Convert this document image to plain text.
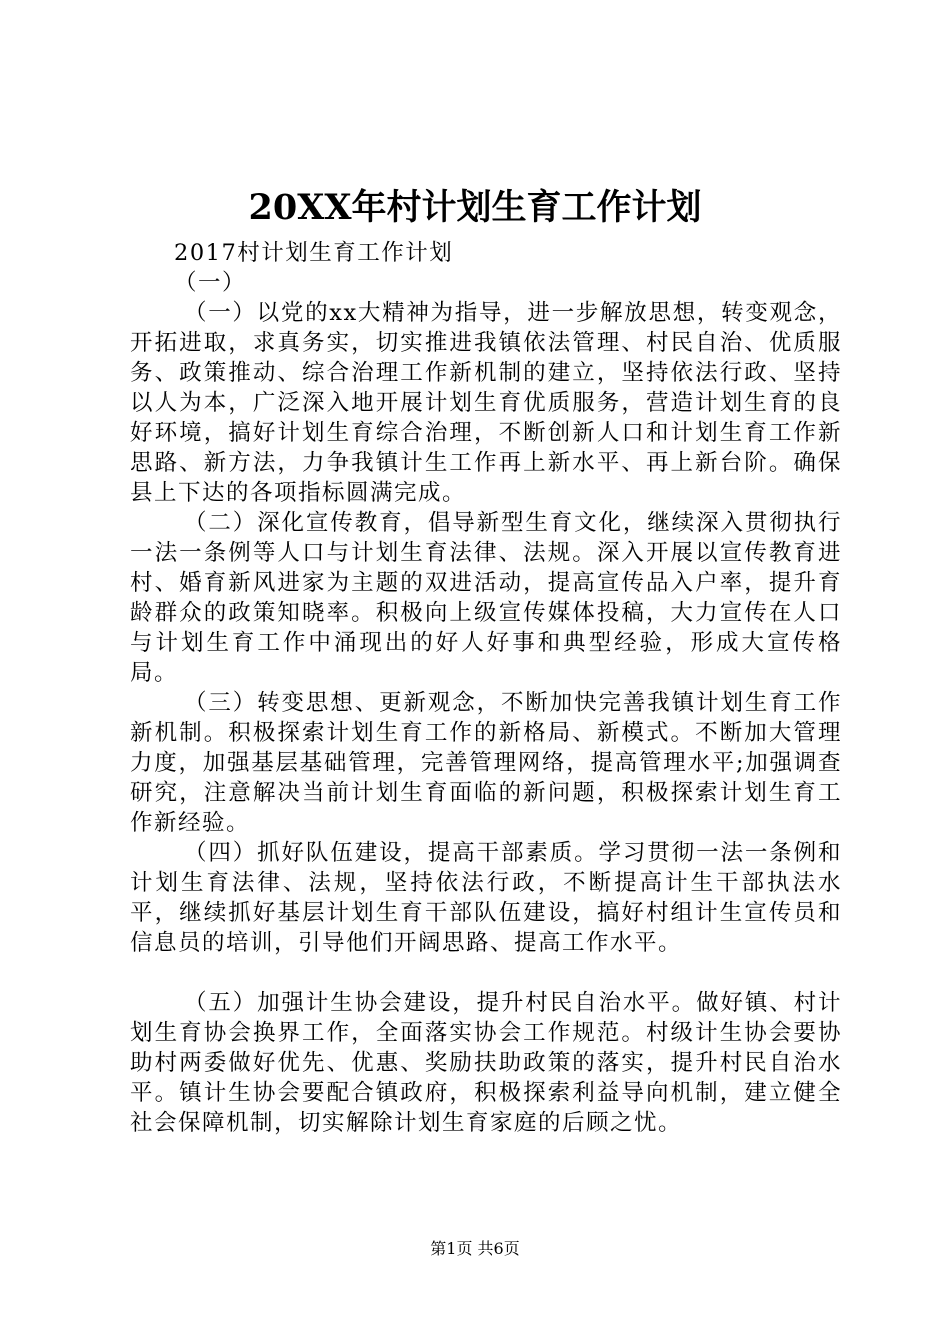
20XX年村计划生育工作计划

2017村计划生育工作计划

（一）

（一）以党的xx大精神为指导，进一步解放思想，转变观念，开拓进取，求真务实，切实推进我镇依法管理、村民自治、优质服务、政策推动、综合治理工作新机制的建立，坚持依法行政、坚持以人为本，广泛深入地开展计划生育优质服务，营造计划生育的良好环境，搞好计划生育综合治理，不断创新人口和计划生育工作新思路、新方法，力争我镇计生工作再上新水平、再上新台阶。确保县上下达的各项指标圆满完成。

（二）深化宣传教育，倡导新型生育文化，继续深入贯彻执行一法一条例等人口与计划生育法律、法规。深入开展以宣传教育进村、婚育新风进家为主题的双进活动，提高宣传品入户率，提升育龄群众的政策知晓率。积极向上级宣传媒体投稿，大力宣传在人口与计划生育工作中涌现出的好人好事和典型经验，形成大宣传格局。

（三）转变思想、更新观念，不断加快完善我镇计划生育工作新机制。积极探索计划生育工作的新格局、新模式。不断加大管理力度，加强基层基础管理，完善管理网络，提高管理水平;加强调查研究，注意解决当前计划生育面临的新问题，积极探索计划生育工作新经验。

（四）抓好队伍建设，提高干部素质。学习贯彻一法一条例和计划生育法律、法规，坚持依法行政，不断提高计生干部执法水平，继续抓好基层计划生育干部队伍建设，搞好村组计生宣传员和信息员的培训，引导他们开阔思路、提高工作水平。

（五）加强计生协会建设，提升村民自治水平。做好镇、村计划生育协会换界工作，全面落实协会工作规范。村级计生协会要协助村两委做好优先、优惠、奖励扶助政策的落实，提升村民自治水平。镇计生协会要配合镇政府，积极探索利益导向机制，建立健全社会保障机制，切实解除计划生育家庭的后顾之忧。

第1页 共6页
